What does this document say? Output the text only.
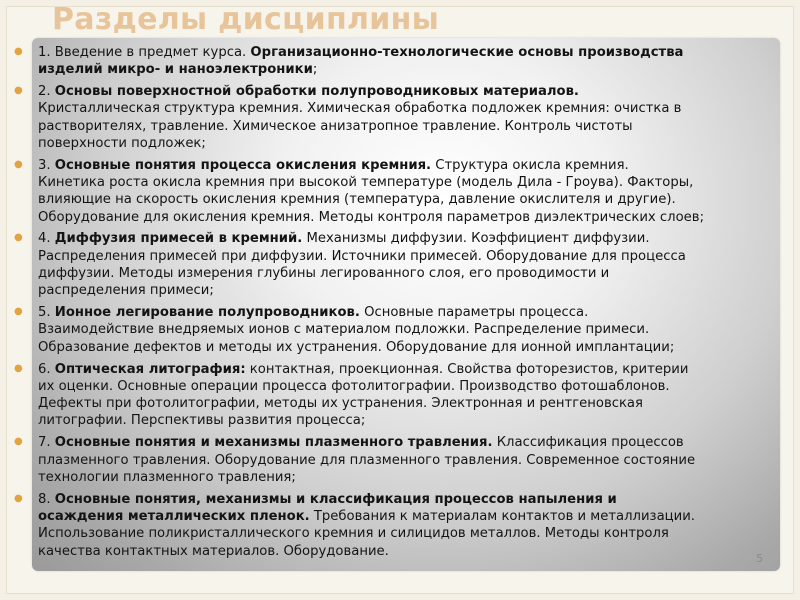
Разделы дисциплины
● 1. Введение в предмет курса. Организационно-технологические основы производства
изделий микро- и наноэлектроники;
● 2. Основы поверхностной обработки полупроводниковых материалов.
Кристаллическая структура кремния. Химическая обработка подложек кремния: очистка в
растворителях, травление. Химическое анизатропное травление. Контроль чистоты
поверхности подложек;
● 3. Основные понятия процесса окисления кремния. Структура окисла кремния.
Кинетика роста окисла кремния при высокой температуре (модель Дила - Гроува). Факторы,
влияющие на скорость окисления кремния (температура, давление окислителя и другие).
Оборудование для окисления кремния. Методы контроля параметров диэлектрических слоев;
● 4. Диффузия примесей в кремний. Механизмы диффузии. Коэффициент диффузии.
Распределения примесей при диффузии. Источники примесей. Оборудование для процесса
диффузии. Методы измерения глубины легированного слоя, его проводимости и
распределения примеси;
● 5. Ионное легирование полупроводников. Основные параметры процесса.
Взаимодействие внедряемых ионов с материалом подложки. Распределение примеси.
Образование дефектов и методы их устранения. Оборудование для ионной имплантации;
● 6. Оптическая литография: контактная, проекционная. Свойства фоторезистов, критерии
их оценки. Основные операции процесса фотолитографии. Производство фотошаблонов.
Дефекты при фотолитографии, методы их устранения. Электронная и рентгеновская
литографии. Перспективы развития процесса;
● 7. Основные понятия и механизмы плазменного травления. Классификация процессов
плазменного травления. Оборудование для плазменного травления. Современное состояние
технологии плазменного травления;
● 8. Основные понятия, механизмы и классификация процессов напыления и
осаждения металлических пленок. Требования к материалам контактов и металлизации.
Использование поликристаллического кремния и силицидов металлов. Методы контроля
качества контактных материалов. Оборудование.	5
